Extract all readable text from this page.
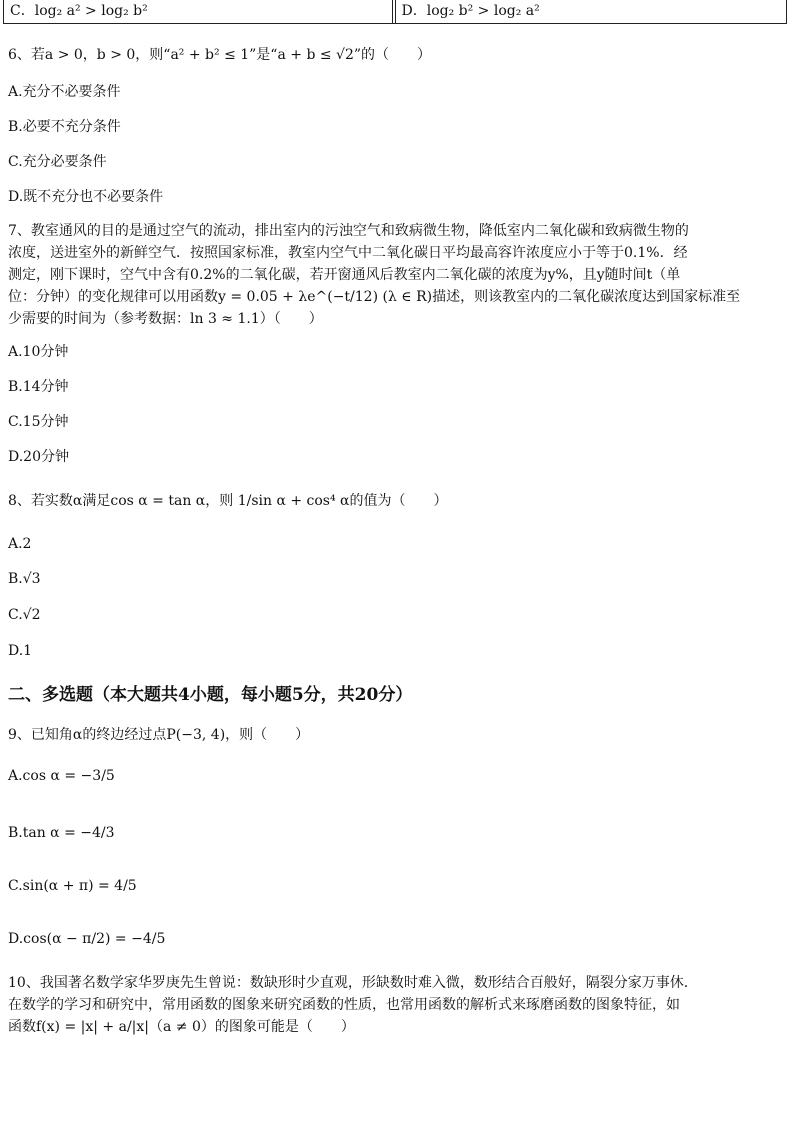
C．log₂ a² > log₂ b²	D．log₂ b² > log₂ a²
6、若a > 0，b > 0，则“a² + b² ≤ 1”是“a + b ≤ √2”的（　　）
A.充分不必要条件
B.必要不充分条件
C.充分必要条件
D.既不充分也不必要条件
7、教室通风的目的是通过空气的流动，排出室内的污浊空气和致病微生物，降低室内二氧化碳和致病微生物的
浓度，送进室外的新鲜空气．按照国家标准，教室内空气中二氧化碳日平均最高容许浓度应小于等于0.1%．经
测定，刚下课时，空气中含有0.2%的二氧化碳，若开窗通风后教室内二氧化碳的浓度为y%，且y随时间t（单
位：分钟）的变化规律可以用函数y = 0.05 + λe^(−t/12) (λ ∈ R)描述，则该教室内的二氧化碳浓度达到国家标准至
少需要的时间为（参考数据：ln 3 ≈ 1.1）（　　）
A.10分钟
B.14分钟
C.15分钟
D.20分钟
8、若实数α满足cos α = tan α，则 1/sin α + cos⁴ α的值为（　　）
A.2
B.√3
C.√2
D.1
二、多选题（本大题共4小题，每小题5分，共20分）
9、已知角α的终边经过点P(−3, 4)，则（　　）
A.cos α = −3/5
B.tan α = −4/3
C.sin(α + π) = 4/5
D.cos(α − π/2) = −4/5
10、我国著名数学家华罗庚先生曾说：数缺形时少直观，形缺数时难入微，数形结合百般好，隔裂分家万事休.
在数学的学习和研究中，常用函数的图象来研究函数的性质，也常用函数的解析式来琢磨函数的图象特征，如
函数f(x) = |x| + a/|x|（a ≠ 0）的图象可能是（　　）
